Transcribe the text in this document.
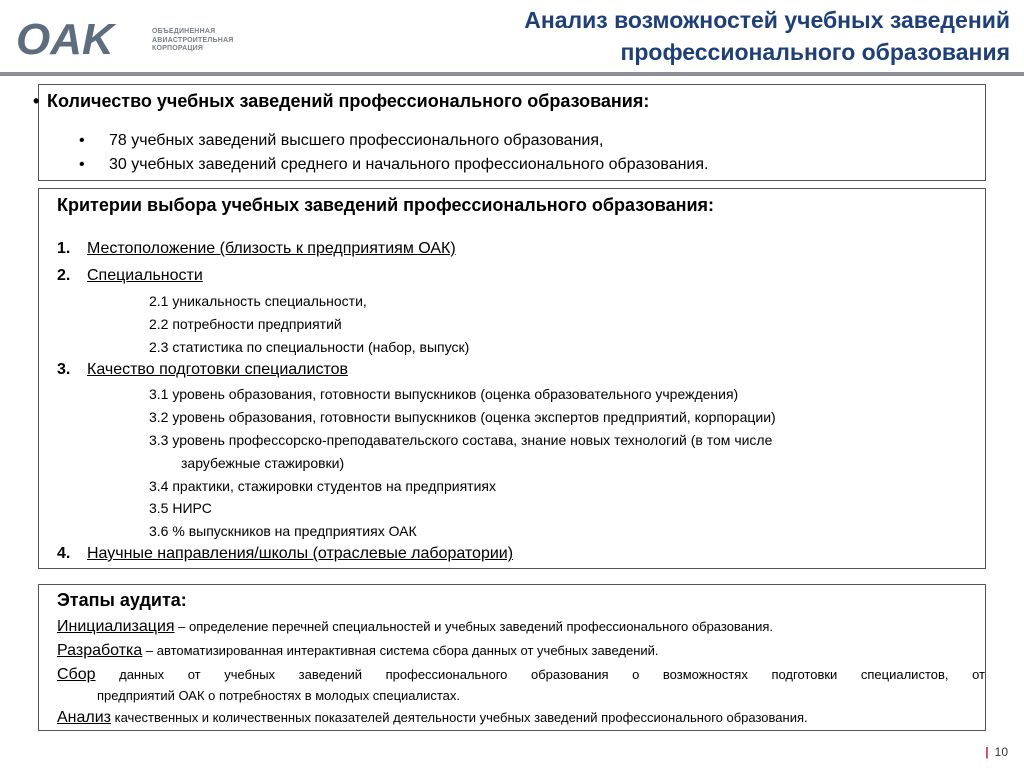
OAK	ОБЪЕДИНЕННАЯ
АВИАСТРОИТЕЛЬНАЯ
КОРПОРАЦИЯ
Анализ возможностей учебных заведений
профессионального образования
• Количество учебных заведений профессионального образования:
• 78 учебных заведений высшего профессионального образования,
• 30 учебных заведений среднего и начального профессионального образования.
Критерии выбора учебных заведений профессионального образования:
1. Местоположение (близость к предприятиям ОАК)
2. Специальности
2.1 уникальность специальности,
2.2 потребности предприятий
2.3 статистика по специальности (набор, выпуск)
3. Качество подготовки специалистов
3.1 уровень образования, готовности выпускников (оценка образовательного учреждения)
3.2 уровень образования, готовности выпускников (оценка экспертов предприятий, корпорации)
3.3 уровень профессорско-преподавательского состава, знание новых технологий (в том числе
зарубежные стажировки)
3.4 практики, стажировки студентов на предприятиях
3.5 НИРС
3.6 % выпускников на предприятиях ОАК
4. Научные направления/школы (отраслевые лаборатории)
Этапы аудита:
Инициализация – определение перечней специальностей и учебных заведений профессионального образования.
Разработка – автоматизированная интерактивная система сбора данных от учебных заведений.
Сбор данных от учебных заведений профессионального образования о возможностях подготовки специалистов, от
предприятий ОАК о потребностях в молодых специалистах.
Анализ качественных и количественных показателей деятельности учебных заведений профессионального образования.
| 10
